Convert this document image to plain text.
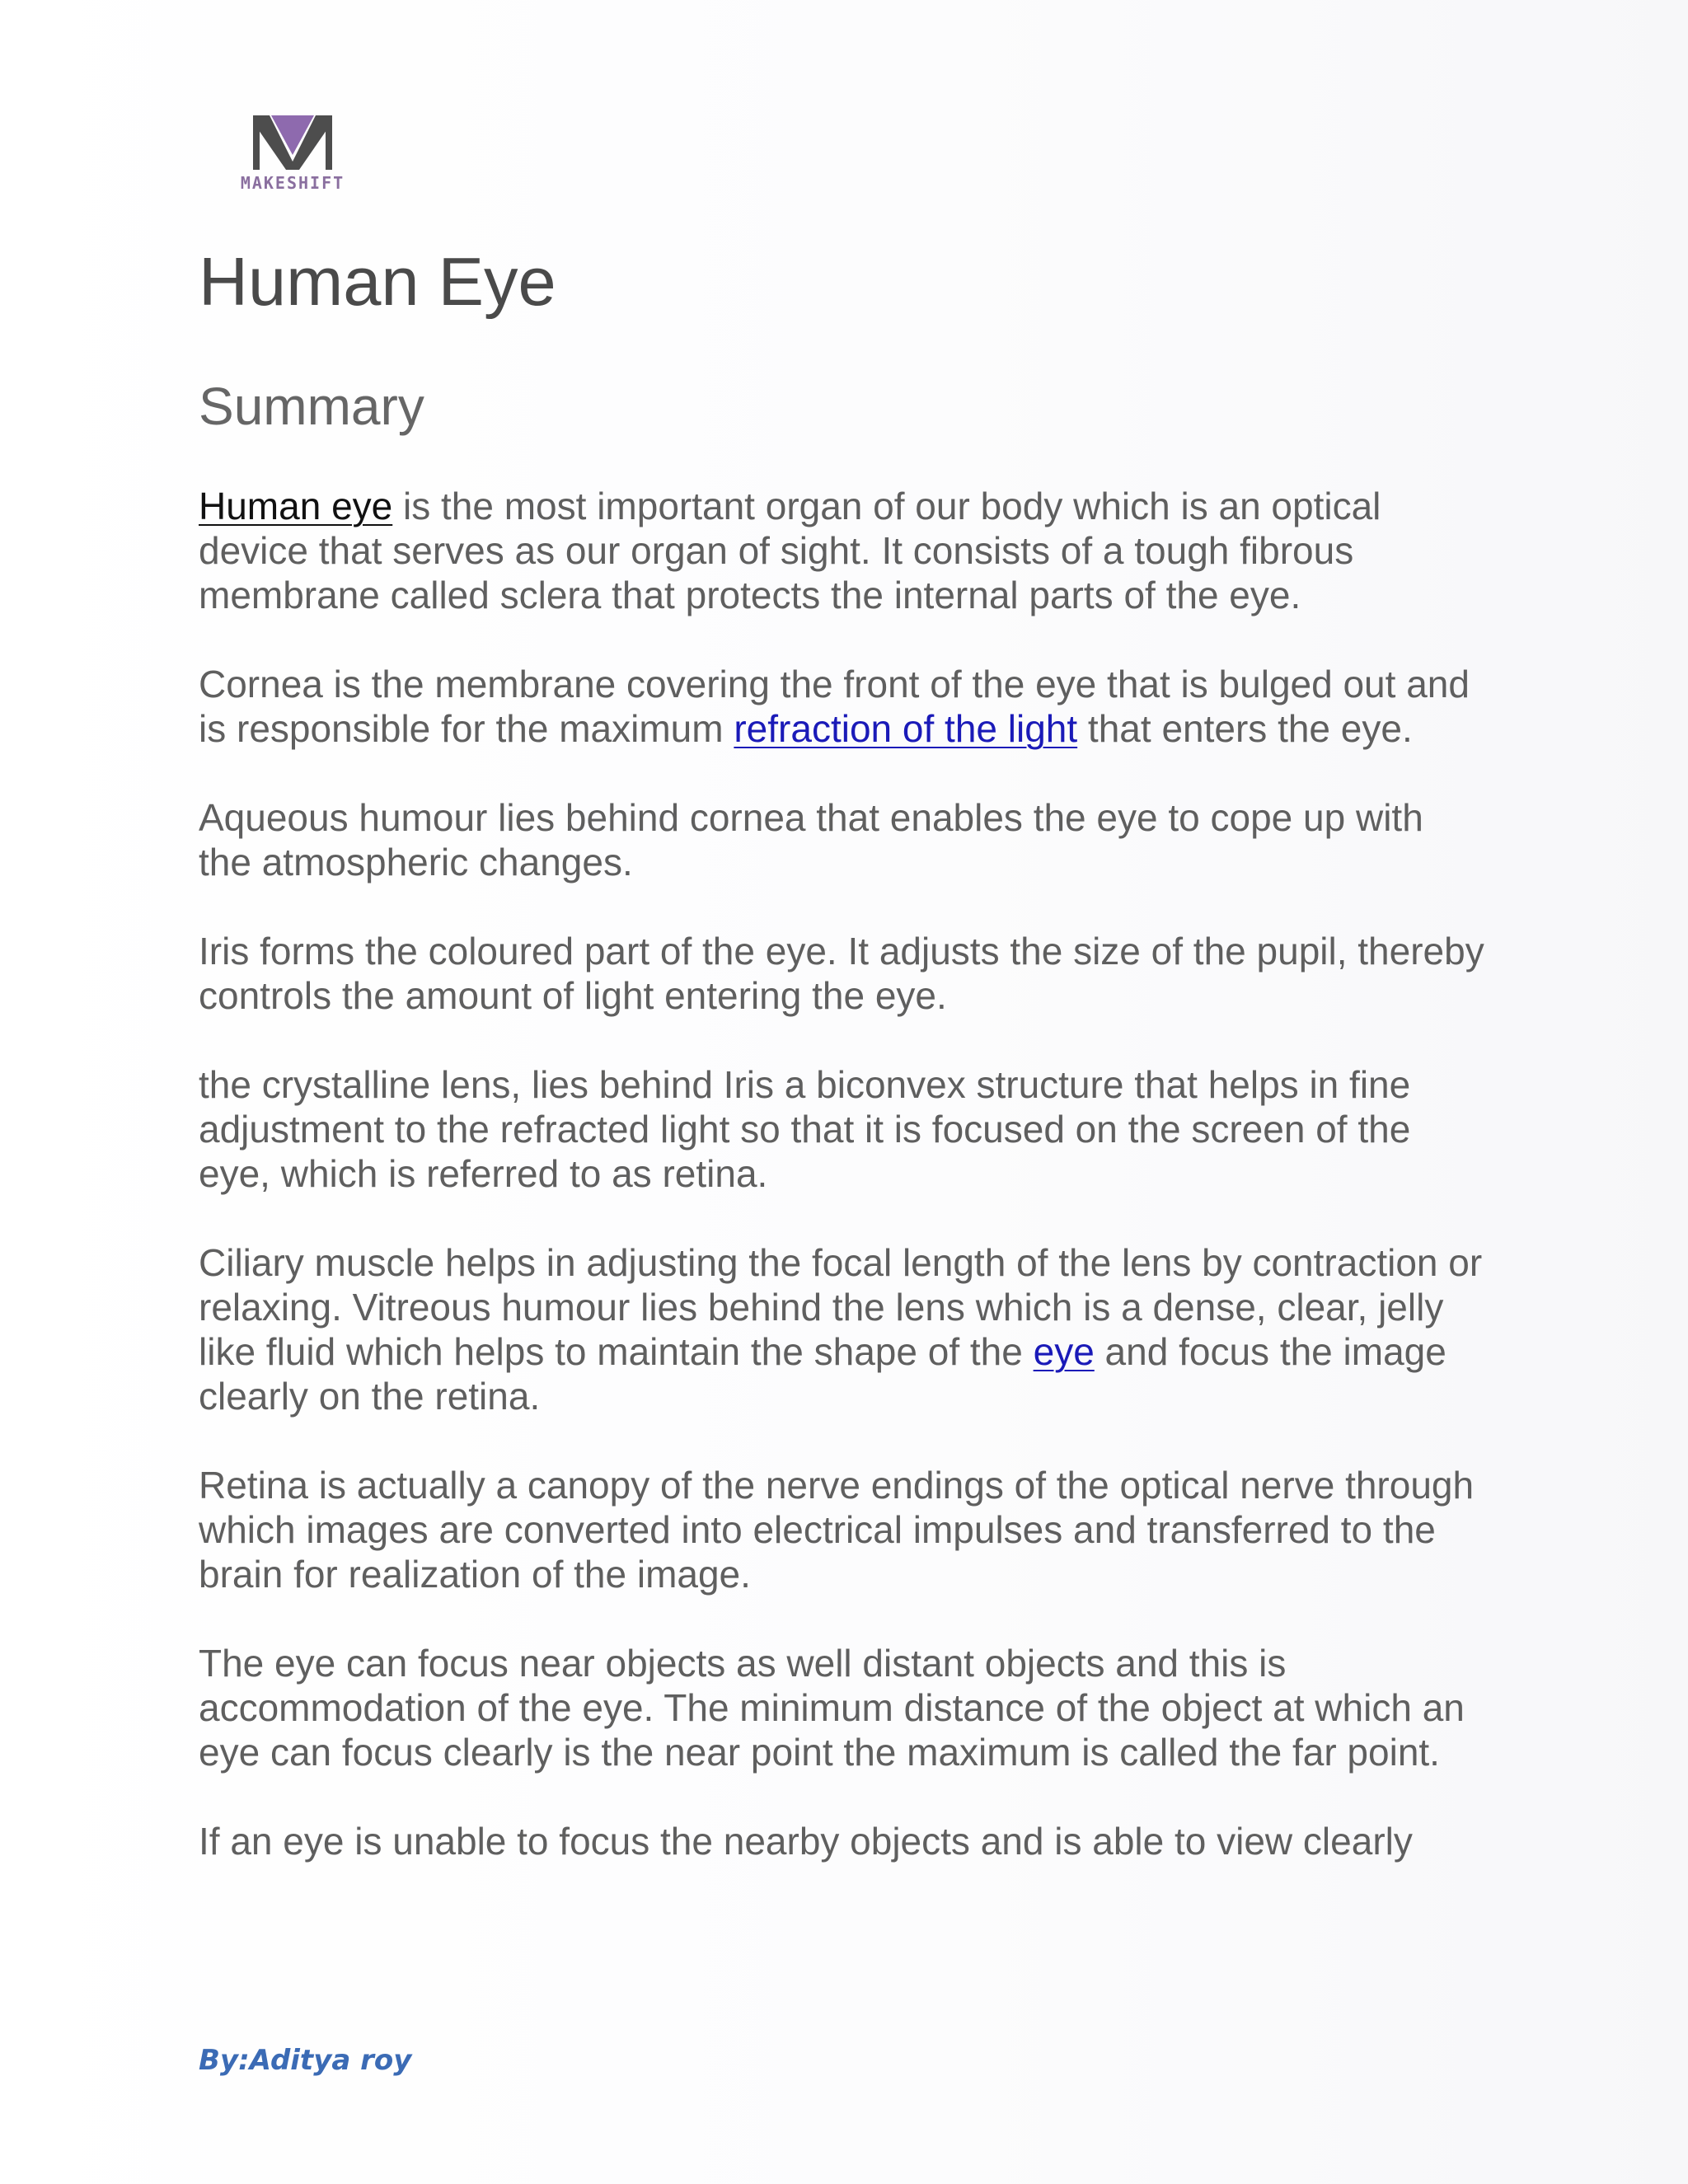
MAKESHIFT
Human Eye
Summary

Human eye is the most important organ of our body which is an optical device that serves as our organ of sight. It consists of a tough fibrous membrane called sclera that protects the internal parts of the eye.

Cornea is the membrane covering the front of the eye that is bulged out and is responsible for the maximum refraction of the light that enters the eye.

Aqueous humour lies behind cornea that enables the eye to cope up with the atmospheric changes.

Iris forms the coloured part of the eye. It adjusts the size of the pupil, thereby controls the amount of light entering the eye.

the crystalline lens, lies behind Iris a biconvex structure that helps in fine adjustment to the refracted light so that it is focused on the screen of the eye, which is referred to as retina.

Ciliary muscle helps in adjusting the focal length of the lens by contraction or relaxing. Vitreous humour lies behind the lens which is a dense, clear, jelly like fluid which helps to maintain the shape of the eye and focus the image clearly on the retina.

Retina is actually a canopy of the nerve endings of the optical nerve through which images are converted into electrical impulses and transferred to the brain for realization of the image.

The eye can focus near objects as well distant objects and this is accommodation of the eye. The minimum distance of the object at which an eye can focus clearly is the near point the maximum is called the far point.

If an eye is unable to focus the nearby objects and is able to view clearly

By:Aditya roy
